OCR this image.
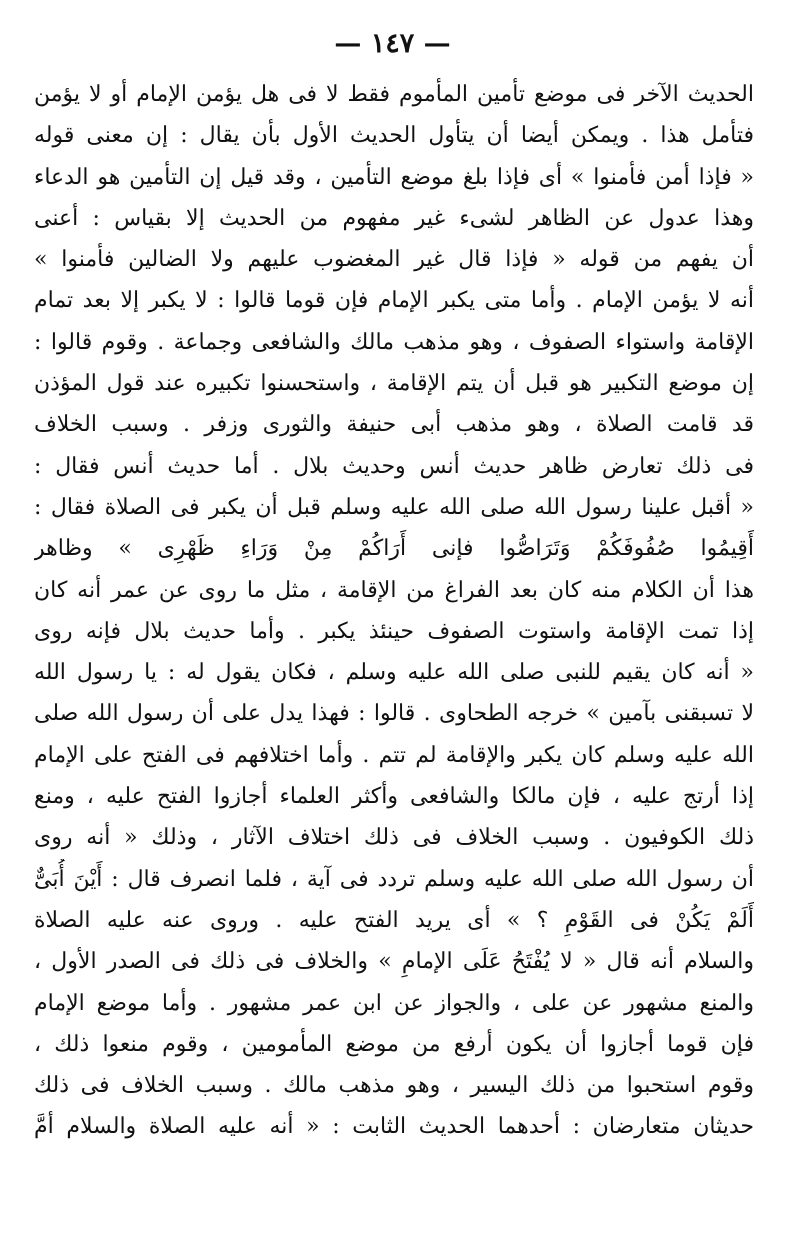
— ١٤٧ —
الحديث الآخر فى موضع تأمين المأموم فقط لا فى هل يؤمن الإمام أو لا يؤمن
فتأمل هذا . ويمكن أيضا أن يتأول الحديث الأول بأن يقال : إن معنى قوله
« فإذا أمن فأمنوا » أى فإذا بلغ موضع التأمين ، وقد قيل إن التأمين هو الدعاء
وهذا عدول عن الظاهر لشىء غير مفهوم من الحديث إلا بقياس : أعنى
أن يفهم من قوله « فإذا قال غير المغضوب عليهم ولا الضالين فأمنوا »
أنه لا يؤمن الإمام . وأما متى يكبر الإمام فإن قوما قالوا : لا يكبر إلا بعد تمام
الإقامة واستواء الصفوف ، وهو مذهب مالك والشافعى وجماعة . وقوم قالوا :
إن موضع التكبير هو قبل أن يتم الإقامة ، واستحسنوا تكبيره عند قول المؤذن
قد قامت الصلاة ، وهو مذهب أبى حنيفة والثورى وزفر . وسبب الخلاف
فى ذلك تعارض ظاهر حديث أنس وحديث بلال . أما حديث أنس فقال :
« أقبل علينا رسول الله صلى الله عليه وسلم قبل أن يكبر فى الصلاة فقال :
أَقِيمُوا صُفُوفَكُمْ وَتَرَاصُّوا فإنى أَرَاكُمْ مِنْ وَرَاءِ ظَهْرِى » وظاهر
هذا أن الكلام منه كان بعد الفراغ من الإقامة ، مثل ما روى عن عمر أنه كان
إذا تمت الإقامة واستوت الصفوف حينئذ يكبر . وأما حديث بلال فإنه روى
« أنه كان يقيم للنبى صلى الله عليه وسلم ، فكان يقول له : يا رسول الله
لا تسبقنى بآمين » خرجه الطحاوى . قالوا : فهذا يدل على أن رسول الله صلى
الله عليه وسلم كان يكبر والإقامة لم تتم . وأما اختلافهم فى الفتح على الإمام
إذا أرتج عليه ، فإن مالكا والشافعى وأكثر العلماء أجازوا الفتح عليه ، ومنع
ذلك الكوفيون . وسبب الخلاف فى ذلك اختلاف الآثار ، وذلك « أنه روى
أن رسول الله صلى الله عليه وسلم تردد فى آية ، فلما انصرف قال : أَيْنَ أُبَىٌّ
أَلَمْ يَكُنْ فى القَوْمِ ؟ » أى يريد الفتح عليه . وروى عنه عليه الصلاة
والسلام أنه قال « لا يُفْتَحُ عَلَى الإمامِ » والخلاف فى ذلك فى الصدر الأول ،
والمنع مشهور عن على ، والجواز عن ابن عمر مشهور . وأما موضع الإمام
فإن قوما أجازوا أن يكون أرفع من موضع المأمومين ، وقوم منعوا ذلك ،
وقوم استحبوا من ذلك اليسير ، وهو مذهب مالك . وسبب الخلاف فى ذلك
حديثان متعارضان : أحدهما الحديث الثابت : « أنه عليه الصلاة والسلام أمَّ
